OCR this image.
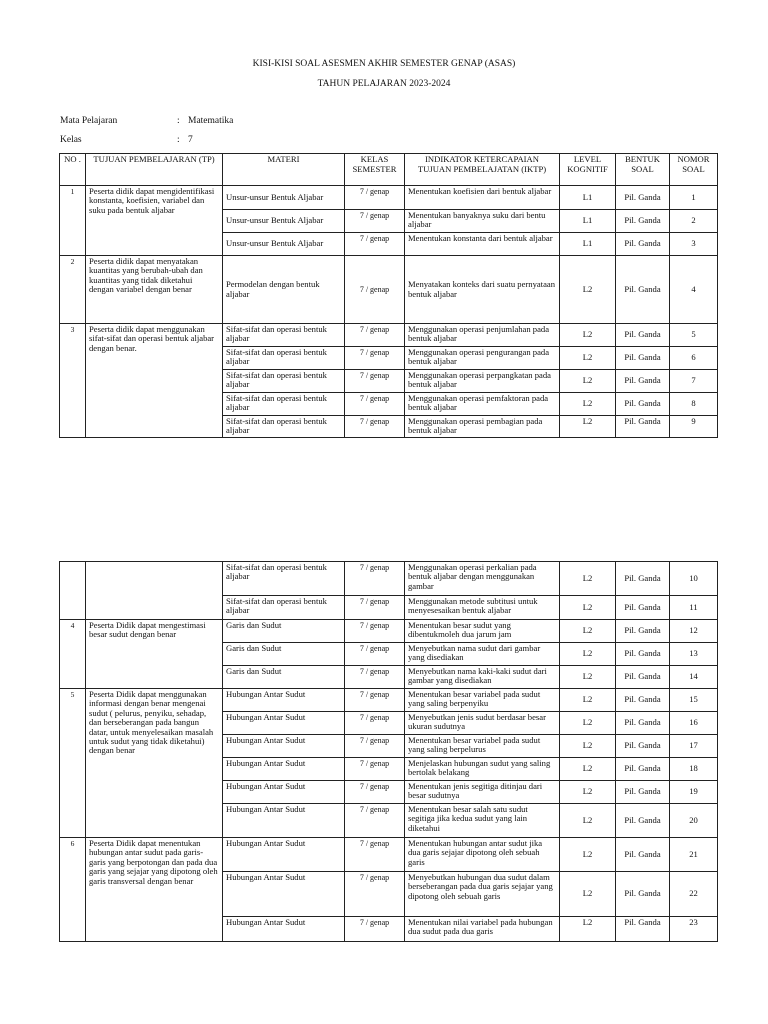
KISI-KISI SOAL ASESMEN AKHIR SEMESTER GENAP (ASAS)
TAHUN PELAJARAN 2023-2024
Mata Pelajaran	: Matematika
Kelas	: 7
NO .	TUJUAN PEMBELAJARAN (TP)	MATERI	KELAS SEMESTER	INDIKATOR KETERCAPAIAN TUJUAN PEMBELAJATAN (IKTP)	LEVEL KOGNITIF	BENTUK SOAL	NOMOR SOAL
1	Peserta didik dapat mengidentifikasi konstanta, koefisien, variabel dan suku pada bentuk aljabar	Unsur-unsur Bentuk Aljabar	7 / genap	Menentukan koefisien dari bentuk aljabar	L1	Pil. Ganda	1
		Unsur-unsur Bentuk Aljabar	7 / genap	Menentukan banyaknya suku dari bentu aljabar	L1	Pil. Ganda	2
		Unsur-unsur Bentuk Aljabar	7 / genap	Menentukan konstanta dari bentuk aljabar	L1	Pil. Ganda	3
2	Peserta didik dapat menyatakan kuantitas yang berubah-ubah dan kuantitas yang tidak diketahui dengan variabel dengan benar	Permodelan dengan bentuk aljabar	7 / genap	Menyatakan konteks dari suatu pernyataan bentuk aljabar	L2	Pil. Ganda	4
3	Peserta didik dapat menggunakan sifat-sifat dan operasi bentuk aljabar dengan benar.	Sifat-sifat dan operasi bentuk aljabar	7 / genap	Menggunakan operasi penjumlahan pada bentuk aljabar	L2	Pil. Ganda	5
		Sifat-sifat dan operasi bentuk aljabar	7 / genap	Menggunakan operasi pengurangan pada bentuk aljabar	L2	Pil. Ganda	6
		Sifat-sifat dan operasi bentuk aljabar	7 / genap	Menggunakan operasi perpangkatan pada bentuk aljabar	L2	Pil. Ganda	7
		Sifat-sifat dan operasi bentuk aljabar	7 / genap	Menggunakan operasi pemfaktoran pada bentuk aljabar	L2	Pil. Ganda	8
		Sifat-sifat dan operasi bentuk aljabar	7 / genap	Menggunakan operasi pembagian pada bentuk aljabar	L2	Pil. Ganda	9
		Sifat-sifat dan operasi bentuk aljabar	7 / genap	Menggunakan operasi perkalian pada bentuk aljabar dengan menggunakan gambar	L2	Pil. Ganda	10
		Sifat-sifat dan operasi bentuk aljabar	7 / genap	Menggunakan metode subtitusi untuk menyesesaikan bentuk aljabar	L2	Pil. Ganda	11
4	Peserta Didik dapat mengestimasi besar sudut dengan benar	Garis dan Sudut	7 / genap	Menentukan besar sudut yang dibentukmoleh dua jarum jam	L2	Pil. Ganda	12
		Garis dan Sudut	7 / genap	Menyebutkan nama sudut dari gambar yang disediakan	L2	Pil. Ganda	13
		Garis dan Sudut	7 / genap	Menyebutkan nama kaki-kaki sudut dari gambar yang disediakan	L2	Pil. Ganda	14
5	Peserta Didik dapat menggunakan informasi dengan benar mengenai sudut ( pelurus, penyiku, sehadap, dan berseberangan pada bangun datar, untuk menyelesaikan masalah untuk sudut yang tidak diketahui) dengan benar	Hubungan Antar Sudut	7 / genap	Menentukan besar variabel pada sudut yang saling berpenyiku	L2	Pil. Ganda	15
		Hubungan Antar Sudut	7 / genap	Menyebutkan jenis sudut berdasar besar ukuran sudutnya	L2	Pil. Ganda	16
		Hubungan Antar Sudut	7 / genap	Menentukan besar variabel pada sudut yang saling berpelurus	L2	Pil. Ganda	17
		Hubungan Antar Sudut	7 / genap	Menjelaskan hubungan sudut yang saling bertolak belakang	L2	Pil. Ganda	18
		Hubungan Antar Sudut	7 / genap	Menentukan jenis segitiga ditinjau dari besar sudutnya	L2	Pil. Ganda	19
		Hubungan Antar Sudut	7 / genap	Menentukan besar salah satu sudut segitiga jika kedua sudut yang lain diketahui	L2	Pil. Ganda	20
6	Peserta Didik dapat menentukan hubungan antar sudut pada garis-garis yang berpotongan dan pada dua garis yang sejajar yang dipotong oleh garis transversal dengan benar	Hubungan Antar Sudut	7 / genap	Menentukan hubungan antar sudut jika dua garis sejajar dipotong oleh sebuah garis	L2	Pil. Ganda	21
		Hubungan Antar Sudut	7 / genap	Menyebutkan hubungan dua sudut dalam berseberangan pada dua garis sejajar yang dipotong oleh sebuah garis	L2	Pil. Ganda	22
		Hubungan Antar Sudut	7 / genap	Menentukan nilai variabel pada hubungan dua sudut pada dua garis	L2	Pil. Ganda	23
